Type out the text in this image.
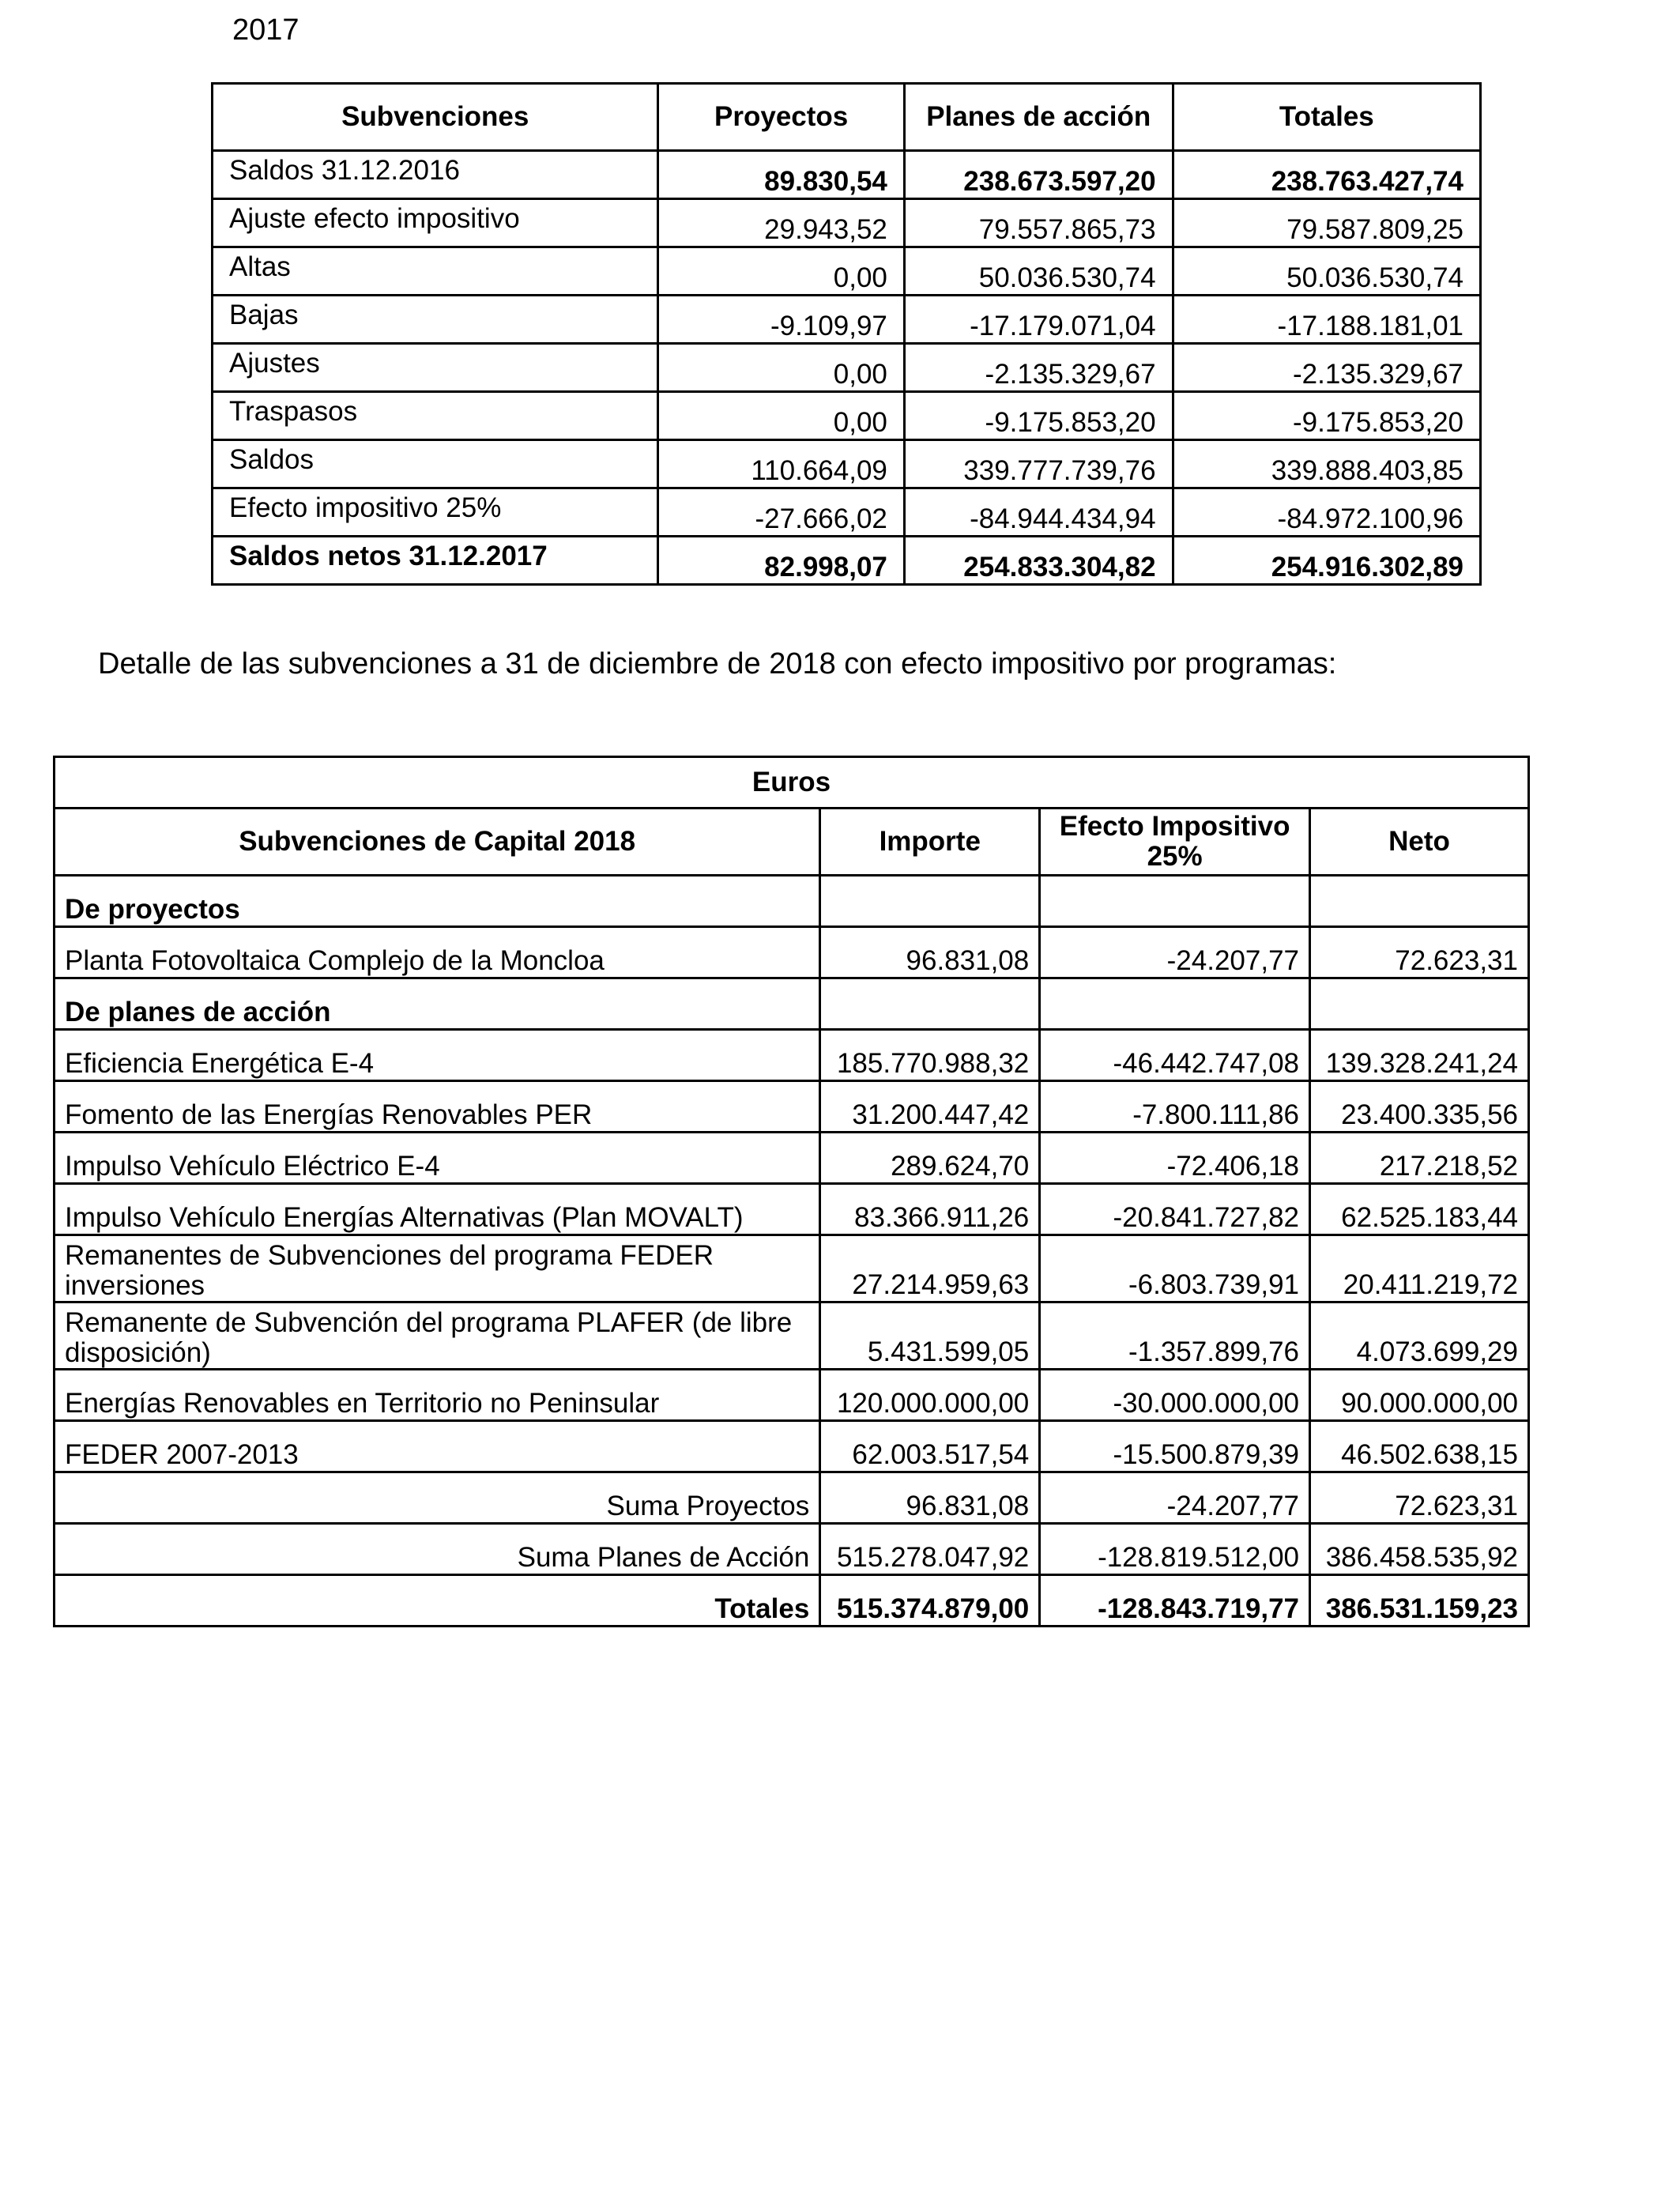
2017
Subvenciones	Proyectos	Planes de acción	Totales
Saldos 31.12.2016	89.830,54	238.673.597,20	238.763.427,74
Ajuste efecto impositivo	29.943,52	79.557.865,73	79.587.809,25
Altas	0,00	50.036.530,74	50.036.530,74
Bajas	-9.109,97	-17.179.071,04	-17.188.181,01
Ajustes	0,00	-2.135.329,67	-2.135.329,67
Traspasos	0,00	-9.175.853,20	-9.175.853,20
Saldos	110.664,09	339.777.739,76	339.888.403,85
Efecto impositivo 25%	-27.666,02	-84.944.434,94	-84.972.100,96
Saldos netos 31.12.2017	82.998,07	254.833.304,82	254.916.302,89
Detalle de las subvenciones a 31 de diciembre de 2018 con efecto impositivo por programas:
Euros			
Subvenciones de Capital 2018	Importe	Efecto Impositivo 25%	Neto
De proyectos			
Planta Fotovoltaica Complejo de la Moncloa	96.831,08	-24.207,77	72.623,31
De planes de acción			
Eficiencia Energética E-4	185.770.988,32	-46.442.747,08	139.328.241,24
Fomento de las Energías Renovables PER	31.200.447,42	-7.800.111,86	23.400.335,56
Impulso Vehículo Eléctrico E-4	289.624,70	-72.406,18	217.218,52
Impulso Vehículo Energías Alternativas (Plan MOVALT)	83.366.911,26	-20.841.727,82	62.525.183,44
Remanentes de Subvenciones del programa FEDER inversiones	27.214.959,63	-6.803.739,91	20.411.219,72
Remanente de Subvención del programa PLAFER (de libre disposición)	5.431.599,05	-1.357.899,76	4.073.699,29
Energías Renovables en Territorio no Peninsular	120.000.000,00	-30.000.000,00	90.000.000,00
FEDER 2007-2013	62.003.517,54	-15.500.879,39	46.502.638,15
Suma Proyectos	96.831,08	-24.207,77	72.623,31
Suma Planes de Acción	515.278.047,92	-128.819.512,00	386.458.535,92
Totales	515.374.879,00	-128.843.719,77	386.531.159,23
